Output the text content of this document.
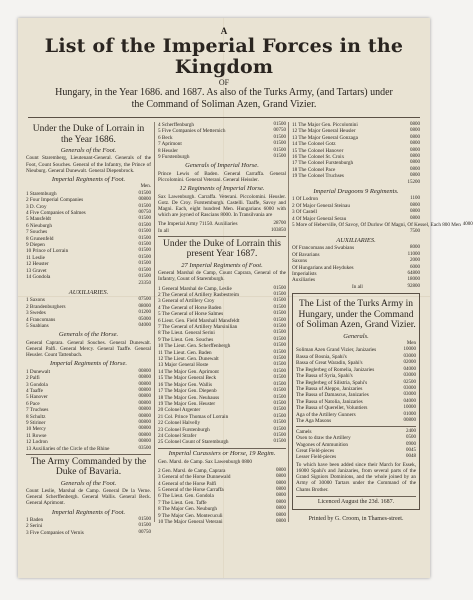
A
List of the Imperial Forces in the Kingdom
OF
Hungary, in the Year 1686. and 1687. As also of the Turks Army, (and Tartars) under
the Command of Soliman Azen, Grand Vizier.
Under the Duke of Lorrain in the Year 1686.
Generals of the Foot.
Count Staremberg, Lieutenant-General. Generals of the Foot, Count Souches. General of the Infantry, the Prince of Nieuburg. General Dunewalt. General Diepenbrock.
Imperial Regiments of Foot.
Men.
1 Staremburgh	01500
2 Four Imperial Companies	00800
3 D. Croy	01500
4 Five Companies of Salmes	00750
5 Mansfeldt	01500
6 Nieuburgh	01500
7 Souches	01500
8 Grunenfeld	01500
9 Diepen	01500
10 Prince of Lorrain	01500
11 Leslie	01500
12 Heuster	01500
13 Gravet	01500
14 Gondola	01500
23350
AUXILIARIES.
1 Saxons	07500
2 Brandenburghers	08000
3 Swedes	01200
4 Francomans	05000
5 Suabians	04000
Generals of the Horse.
General Caprara. General Souches. General Dunewalt. General Palfi. General Mercy. General Taaffe. General Heusler. Count Tattenbach.
Imperial Regiments of Horse.
1 Dunewalt	00800
2 Palfi	00800
3 Gondola	00800
4 Taaffe	00800
5 Hanover	00800
6 Pace	00800
7 Truchses	00800
8 Schultz	00800
9 Stiriner	00800
10 Mercy	00800
11 Rowse	00800
12 Lodron	00800
13 Auxiliaries of the Circle of the Rhine	03500
The Army Commanded by the Duke of Bavaria.
Generals of the Foot.
Count Leslie, Marshal de Camp. General De la Verne. General Scherffenbergh. General Wallis. General Beck. General Aprimont.
Imperial Regiments of Foot.
1 Baden	01500
2 Serini	01500
3 Five Companies of Vernis	00750
4 Scherffenburgh	01500
5 Five Companies of Metternich	00750
6 Beck	01500
7 Aprimont	01500
8 Heusler	01500
9 Furstenburgh	01500
Generals of Imperial Horse.
Prince Lewis of Baden. General Carraffa. General Piccolomini. General Veterani. General Heissler.
12 Regiments of Imperial Horse.
Sax Lawenburgh. Carraffa. Veterani. Piccolomini. Heusler. Gotz. De Croy. Furstemburgh. Castelli. Taaffe, Savoy and Magni. Each, eight hundred Men. Hungarians 6000 with which are joyned of Rascians 8000. In Transilvania are
The Imperial Army 71150. Auxiliaries	28700
In all	103850
Under the Duke of Lorrain this present Year 1687.
27 Imperial Regiments of Foot.
General Marshal de Camp, Count Caprara, General of the Infantry, Count of Staremburgh.
1 General Marshal de Camp, Leslie	01500
2 The General of Artillery Rasbestreim	01500
3 General of Artillery Croy	01500
4 The General of Horse Baden	01500
5 The General of Horse Salmes	01500
6 Lieut. Gen. Field Marshall Mansfeldt	01500
7 The General of Artillery Marsinilian	01500
8 The Lieut. General Serini	01500
9 The Lieut. Gen. Souches	01500
10 The Lieut. Gen. Scherffenbergh	01500
11 The Lieut. Gen. Baden	01500
12 The Lieut. Gen. Dunewalt	01500
13 Major General Hoste	01500
14 The Major Gen. Aprimont	01500
15 The Major General Beck	01500
16 The Major Gen. Wallis	01500
17 The Major Gen. Diepenb	01500
18 The Major Gen. Neuhauss	01500
19 The Major Gen. Heuster	01500
20 Colonel Argenter	01500
21 Col. Prince Thomas of Lorrain	01500
22 Colonel Halvelly	01500
23 Colonel Furstenburgh	01500
24 Colonel Strafer	01500
25 Colonel Count of Staremburgh	01500
Imperial Curassiers or Horse, 19 Regim.
Gen. Marsl. de Camp. Sax Lawenburgh 0800
2 Gen. Marsl. de Camp, Caprara	0800
3 General of the Horse Dunnewald	0800
4 General of the Horse Palfi	0800
5 General of the Horse Carraffa	0800
6 The Lieut. Gen. Gondola	0800
7 The Lieut. Gen. Taffe	0800
8 The Major Gen. Neuburgh	0800
9 The Major Gen. Montecuculi	0800
10 The Major General Veterani	0800
11 The Major Gen. Piccolomini	0800
12 The Major General Heusler	0800
13 The Major General Gonzaga	0800
14 The Colonel Gotz	0800
15 The Colonel Hanover	0800
16 The Colonel St. Croix	0800
17 The Colonel Furstenburgh	0800
18 The Colonel Pace	0800
19 The Colonel Truchses	0800
15200
Imperial Dragoons 9 Regiments.
1 Of Lodron	1100
2 Of Major General Steinau	0800
3 Of Castell	0800
4 Of Major General Serau	0800
5 More of Heberville, Of Savoy, Of Durlow Of Magni, Of Kessel, Each 800 Men 4000
7500
AUXILIARIES.
Of Francomans and Swabians	8000
Of Bavarians	11000
Saxons	2000
Of Hungarians and Heydukes	6000
Imperialists	64800
Auxiliaries	18000
In all	92800
The List of the Turks Army in Hungary, under the Command of Soliman Azen, Grand Vizier.
Generals.
Men
Soliman Azen Grand Vizier, Janizaries	10000
Bassa of Bosnia, Spahi's	03000
Bassa of Great Waradin, Spahi's	02000
The Beglerbeg of Romelia, Janizaries	04000
The Bassa of Syria, Spahi's	03000
The Beglerbeg of Silistria, Spahi's	02500
The Bassa of Aleppo, Janizaries	03000
The Bassa of Damascus, Janizaries	03000
The Bassa of Natolia, Janizaries	04000
The Bassa of Querellet, Voluntiers	10000
Aga of the Artillery Gunners	01000
The Aga Masons	00800
Camels	2400
Oxen to draw the Artillery	0500
Wagones of Ammunition	0900
Great Field-pieces	0045
Lesser Field-pieces	0048
To which have been added since their March for Essek, 16000 Spahi's and Janizaries, from several parts of the Grand Signiors Dominions, and the whole joined by an Army of 30000 Tartars under the Command of the Chams Brother.
Licenced August the 23d. 1687.
Printed by G. Croom, in Thames-street.
